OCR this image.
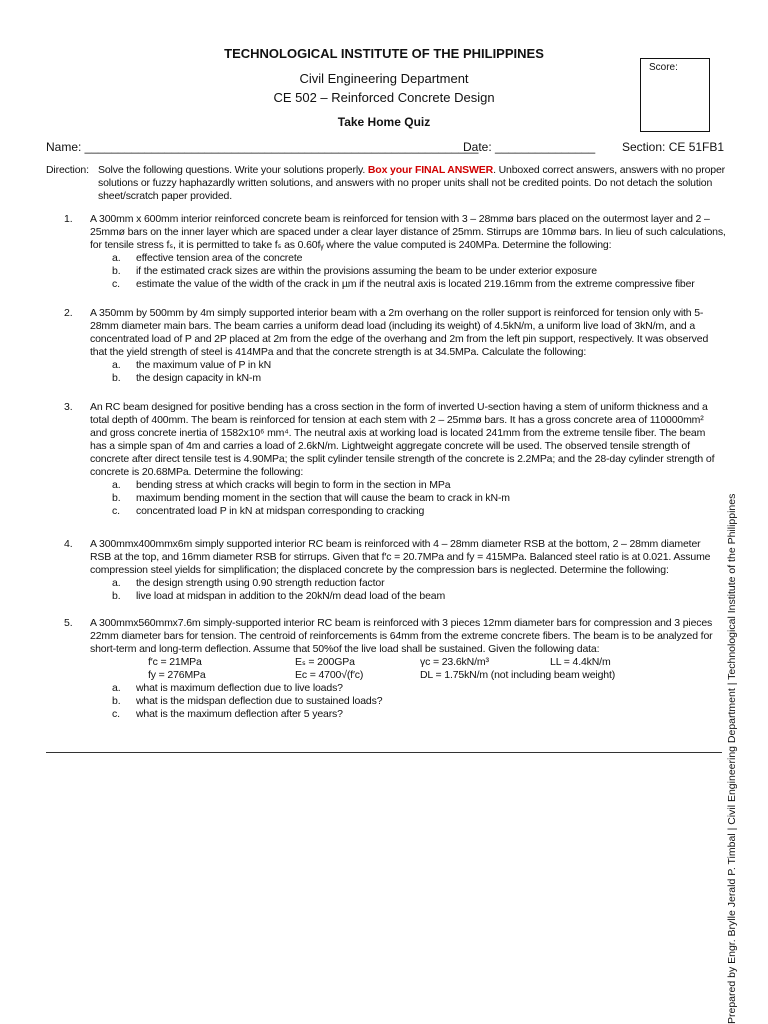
TECHNOLOGICAL INSTITUTE OF THE PHILIPPINES
Civil Engineering Department
CE 502 – Reinforced Concrete Design
Take Home Quiz
Score:
Name: ___________________________________________________________
Date: _______________ Section: CE 51FB1
Direction: Solve the following questions. Write your solutions properly. Box your FINAL ANSWER. Unboxed correct answers, answers with no proper solutions or fuzzy haphazardly written solutions, and answers with no proper units shall not be credited points. Do not detach the solution sheet/scratch paper provided.
1. A 300mm x 600mm interior reinforced concrete beam is reinforced for tension with 3 – 28mmø bars placed on the outermost layer and 2 –
25mmø bars on the inner layer which are spaced under a clear layer distance of 25mm. Stirrups are 10mmø bars. In lieu of such calculations,
for tensile stress fₛ, it is permitted to take fₛ as 0.60fᵧ where the value computed is 240MPa. Determine the following:
a. effective tension area of the concrete
b. if the estimated crack sizes are within the provisions assuming the beam to be under exterior exposure
c. estimate the value of the width of the crack in µm if the neutral axis is located 219.16mm from the extreme compressive fiber
2. A 350mm by 500mm by 4m simply supported interior beam with a 2m overhang on the roller support is reinforced for tension only with 5-
28mm diameter main bars. The beam carries a uniform dead load (including its weight) of 4.5kN/m, a uniform live load of 3kN/m, and a
concentrated load of P and 2P placed at 2m from the edge of the overhang and 2m from the left pin support, respectively. It was observed
that the yield strength of steel is 414MPa and that the concrete strength is at 34.5MPa. Calculate the following:
a. the maximum value of P in kN
b. the design capacity in kN-m
3. An RC beam designed for positive bending has a cross section in the form of inverted U-section having a stem of uniform thickness and a
total depth of 400mm. The beam is reinforced for tension at each stem with 2 – 25mmø bars. It has a gross concrete area of 110000mm²
and gross concrete inertia of 1582x10⁶ mm⁴. The neutral axis at working load is located 241mm from the extreme tensile fiber. The beam
has a simple span of 4m and carries a load of 2.6kN/m. Lightweight aggregate concrete will be used. The observed tensile strength of
concrete after direct tensile test is 4.90MPa; the split cylinder tensile strength of the concrete is 2.2MPa; and the 28-day cylinder strength of
concrete is 20.68MPa. Determine the following:
a. bending stress at which cracks will begin to form in the section in MPa
b. maximum bending moment in the section that will cause the beam to crack in kN-m
c. concentrated load P in kN at midspan corresponding to cracking
4. A 300mmx400mmx6m simply supported interior RC beam is reinforced with 4 – 28mm diameter RSB at the bottom, 2 – 28mm diameter
RSB at the top, and 16mm diameter RSB for stirrups. Given that f′c = 20.7MPa and fy = 415MPa. Balanced steel ratio is at 0.021. Assume
compression steel yields for simplification; the displaced concrete by the compression bars is neglected. Determine the following:
a. the design strength using 0.90 strength reduction factor
b. live load at midspan in addition to the 20kN/m dead load of the beam
5. A 300mmx560mmx7.6m simply-supported interior RC beam is reinforced with 3 pieces 12mm diameter bars for compression and 3 pieces
22mm diameter bars for tension. The centroid of reinforcements is 64mm from the extreme concrete fibers. The beam is to be analyzed for
short-term and long-term deflection. Assume that 50%of the live load shall be sustained. Given the following data:
f′c = 21MPa	Eₛ = 200GPa	γc = 23.6kN/m³	LL = 4.4kN/m
fy = 276MPa	Ec = 4700√(f′c)	DL = 1.75kN/m (not including beam weight)
a. what is maximum deflection due to live loads?
b. what is the midspan deflection due to sustained loads?
c. what is the maximum deflection after 5 years?	Prepared by Engr. Brylle Jerald P. Timbal | Civil Engineering Department | Technological Institute of the Philippines
